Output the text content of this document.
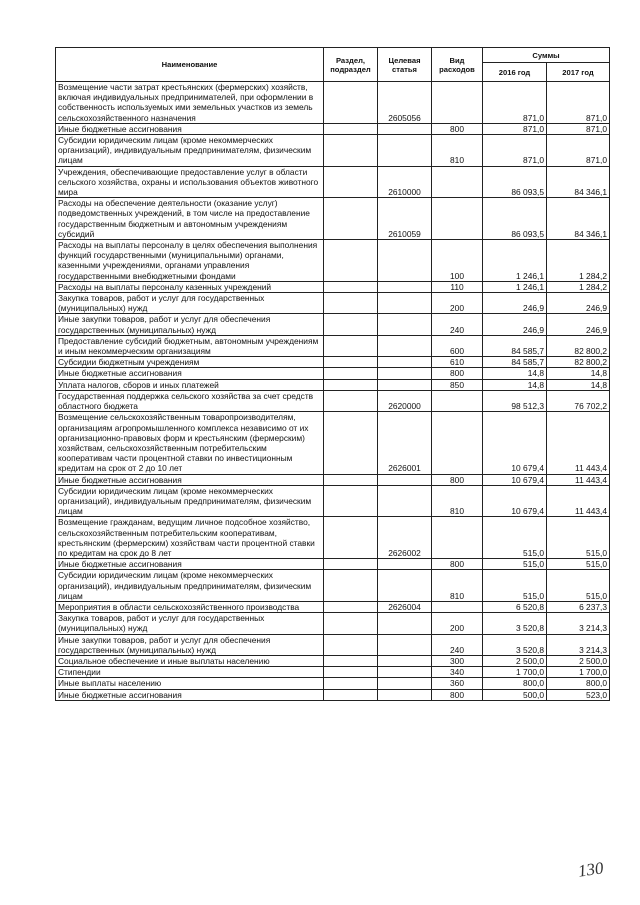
Наименование	Раздел, подраздел	Целевая статья	Вид расходов	Суммы	
				2016 год	2017 год
Возмещение части затрат крестьянских (фермерских) хозяйств, включая индивидуальных предпринимателей, при оформлении в собственность используемых ими земельных участков из земель сельскохозяйственного назначения		2605056		871,0	871,0
Иные бюджетные ассигнования			800	871,0	871,0
Субсидии юридическим лицам (кроме некоммерческих организаций), индивидуальным предпринимателям, физическим лицам			810	871,0	871,0
Учреждения, обеспечивающие предоставление услуг в области сельского хозяйства, охраны и использования объектов животного мира		2610000		86 093,5	84 346,1
Расходы на обеспечение деятельности (оказание услуг) подведомственных учреждений, в том числе на предоставление государственным бюджетным и автономным учреждениям субсидий		2610059		86 093,5	84 346,1
Расходы на выплаты персоналу в целях обеспечения выполнения функций государственными (муниципальными) органами, казенными учреждениями, органами управления государственными внебюджетными фондами			100	1 246,1	1 284,2
Расходы на выплаты персоналу казенных учреждений			110	1 246,1	1 284,2
Закупка товаров, работ и услуг для государственных (муниципальных) нужд			200	246,9	246,9
Иные закупки товаров, работ и услуг для обеспечения государственных (муниципальных) нужд			240	246,9	246,9
Предоставление субсидий бюджетным, автономным учреждениям и иным некоммерческим организациям			600	84 585,7	82 800,2
Субсидии бюджетным учреждениям			610	84 585,7	82 800,2
Иные бюджетные ассигнования			800	14,8	14,8
Уплата налогов, сборов и иных платежей			850	14,8	14,8
Государственная поддержка сельского хозяйства за счет средств областного бюджета		2620000		98 512,3	76 702,2
Возмещение сельскохозяйственным товаропроизводителям, организациям агропромышленного комплекса независимо от их организационно-правовых форм и крестьянским (фермерским) хозяйствам, сельскохозяйственным потребительским кооперативам части процентной ставки по инвестиционным кредитам на срок от 2 до 10 лет		2626001		10 679,4	11 443,4
Иные бюджетные ассигнования			800	10 679,4	11 443,4
Субсидии юридическим лицам (кроме некоммерческих организаций), индивидуальным предпринимателям, физическим лицам			810	10 679,4	11 443,4
Возмещение гражданам, ведущим личное подсобное хозяйство, сельскохозяйственным потребительским кооперативам, крестьянским (фермерским) хозяйствам части процентной ставки по кредитам на срок до 8 лет		2626002		515,0	515,0
Иные бюджетные ассигнования			800	515,0	515,0
Субсидии юридическим лицам (кроме некоммерческих организаций), индивидуальным предпринимателям, физическим лицам			810	515,0	515,0
Мероприятия в области сельскохозяйственного производства		2626004		6 520,8	6 237,3
Закупка товаров, работ и услуг для государственных (муниципальных) нужд			200	3 520,8	3 214,3
Иные закупки товаров, работ и услуг для обеспечения государственных (муниципальных) нужд			240	3 520,8	3 214,3
Социальное обеспечение и иные выплаты населению			300	2 500,0	2 500,0
Стипендии			340	1 700,0	1 700,0
Иные выплаты населению			360	800,0	800,0
Иные бюджетные ассигнования			800	500,0	523,0
130
